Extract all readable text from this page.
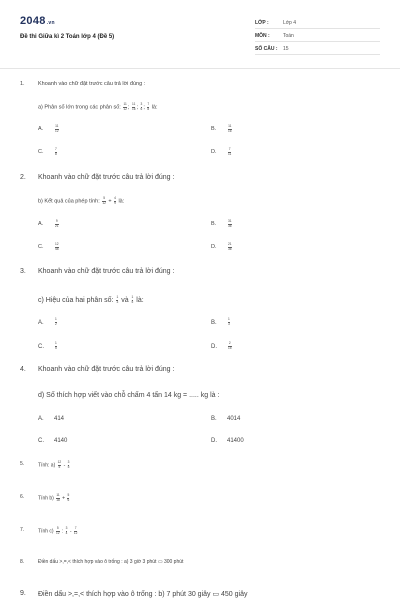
2048.vn
Đề thi Giữa kì 2 Toán lớp 4 (Đề 5)
LỚP :	Lớp 4
MÔN :	Toán
SỐ CÂU : 15
1. Khoanh vào chữ đặt trước câu trả lời đúng :
a) Phân số lớn trong các phân số: $\frac{11}{12}$ ; $\frac{11}{16}$ ; $\frac{3}{6}$ ; $\frac{7}{8}$ là:
A.	$\frac{11}{12}$	B.	$\frac{11}{16}$
C.	$\frac{7}{8}$	D.	$\frac{7}{11}$
2. Khoanh vào chữ đặt trước câu trả lời đúng :
b) Kết quả của phép tính: $\frac{5}{12} + \frac{4}{9}$ là:
A.	$\frac{9}{21}$	B.	$\frac{31}{36}$
C.	$\frac{12}{48}$	D.	$\frac{21}{36}$
3. Khoanh vào chữ đặt trước câu trả lời đúng :
c) Hiệu của hai phân số: $\frac{1}{3}$ và $\frac{1}{5}$ là:
A.	$\frac{1}{2}$	B.	$\frac{1}{3}$
C.	$\frac{1}{5}$	D.	$\frac{2}{15}$
4. Khoanh vào chữ đặt trước câu trả lời đúng :
d) Số thích hợp viết vào chỗ chấm 4 tấn 14 kg = ..... kg là :
A. 414	B. 4014
C. 4140	D. 41400
5.	Tính: $a) \frac{12}{5} - \frac{3}{5}$
6.	Tính $b) \frac{11}{18} + \frac{5}{6}$
7.	Tính $c) \frac{5}{12}$ : $\frac{3}{4} - \frac{7}{12}$
8.	Điền dấu >,=,< thích hợp vào ô trống : a) 3 giờ 3 phút ▭ 300 phút
9. Điền dấu >,=,< thích hợp vào ô trống : b) 7 phút 30 giây ▭ 450 giây
